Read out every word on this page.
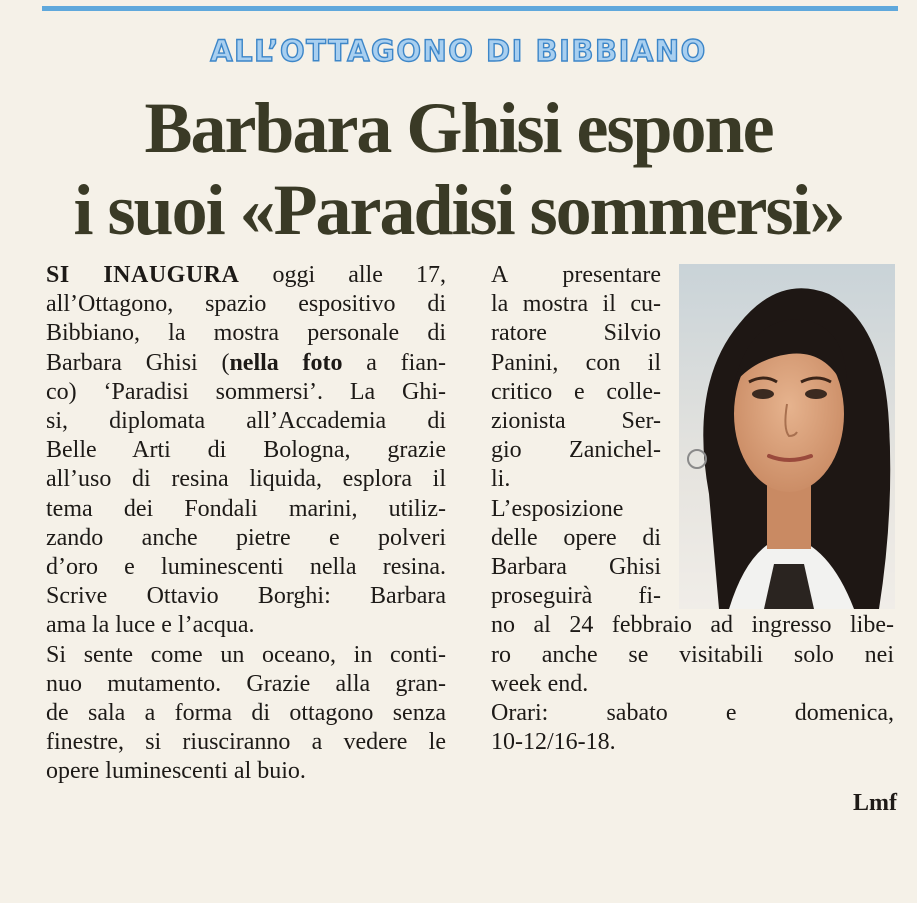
ALL’OTTAGONO DI BIBBIANO
Barbara Ghisi espone
i suoi «Paradisi sommersi»

SI INAUGURA oggi alle 17,

all’Ottagono, spazio espositivo di

Bibbiano, la mostra personale di

Barbara Ghisi (nella foto a fian-

co) ‘Paradisi sommersi’. La Ghi-

si, diplomata all’Accademia di

Belle Arti di Bologna, grazie

all’uso di resina liquida, esplora il

tema dei Fondali marini, utiliz-

zando anche pietre e polveri

d’oro e luminescenti nella resina.

Scrive Ottavio Borghi: Barbara

ama la luce e l’acqua.

Si sente come un oceano, in conti-

nuo mutamento. Grazie alla gran-

de sala a forma di ottagono senza

finestre, si riusciranno a vedere le

opere luminescenti al buio.

A presentare

la mostra il cu-

ratore Silvio

Panini, con il

critico e colle-

zionista Ser-

gio Zanichel-

li.

L’esposizione

delle opere di

Barbara Ghisi

proseguirà fi-

no al 24 febbraio ad ingresso libe-

ro anche se visitabili solo nei

week end.

Orari: sabato e domenica,

10-12/16-18.

Lmf
